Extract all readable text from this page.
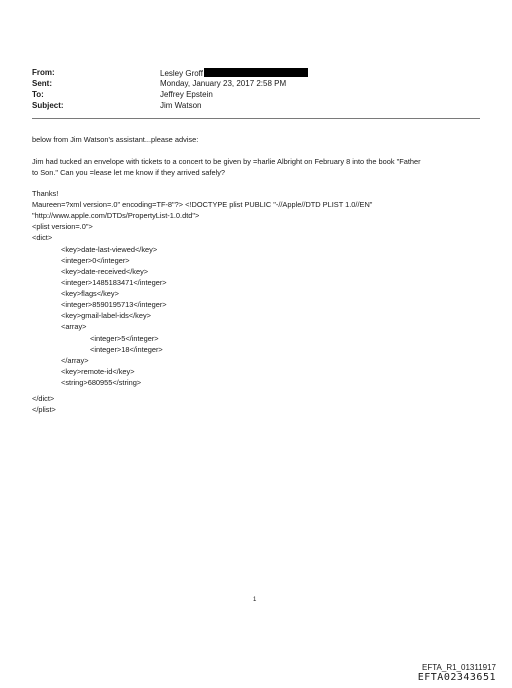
From:	Lesley Groff
Sent:	Monday, January 23, 2017 2:58 PM
To:	Jeffrey Epstein
Subject:	Jim Watson
below from Jim Watson's assistant...please advise:
Jim had tucked an envelope with tickets to a concert to be given by =harlie Albright on February 8 into the book "Father
to Son." Can you =lease let me know if they arrived safely?
Thanks!
Maureen=?xml version=.0" encoding=TF-8"?> <!DOCTYPE plist PUBLIC "-//Apple//DTD PLIST 1.0//EN"
"http://www.apple.com/DTDs/PropertyList-1.0.dtd">
<plist version=.0">
<dict>
<key>date-last-viewed</key>
<integer>0</integer>
<key>date-received</key>
<integer>1485183471</integer>
<key>flags</key>
<integer>8590195713</integer>
<key>gmail-label-ids</key>
<array>
<integer>5</integer>
<integer>18</integer>
</array>
<key>remote-id</key>
<string>680955</string>
</dict>
</plist>
1
EFTA_R1_01311917
EFTA02343651
